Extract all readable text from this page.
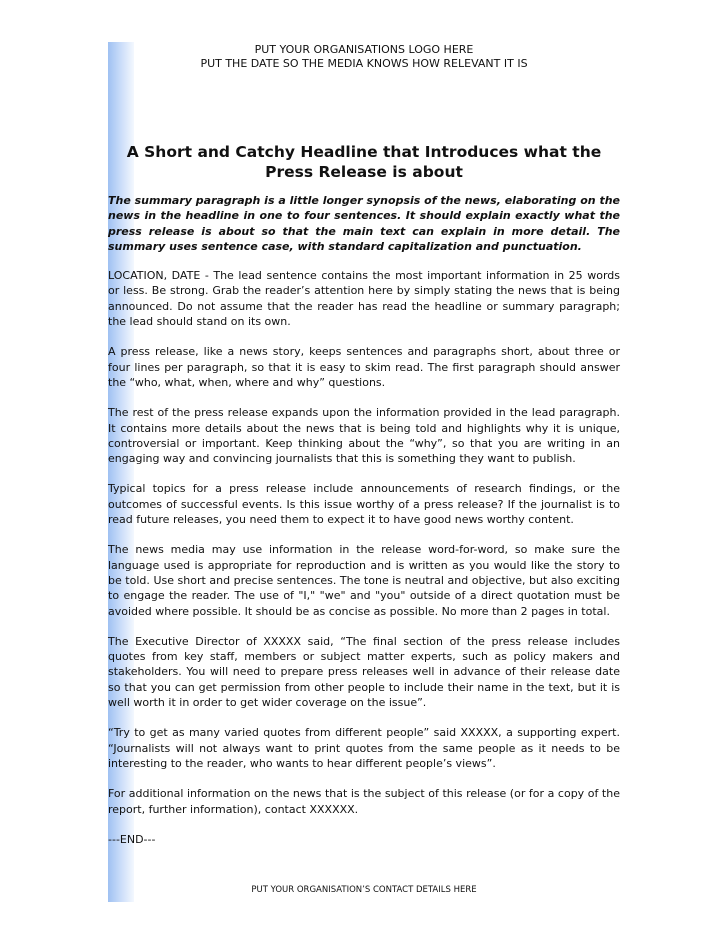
PUT YOUR ORGANISATIONS LOGO HERE
PUT THE DATE SO THE MEDIA KNOWS HOW RELEVANT IT IS
A Short and Catchy Headline that Introduces what the Press Release is about

The summary paragraph is a little longer synopsis of the news, elaborating on the news in the headline in one to four sentences. It should explain exactly what the press release is about so that the main text can explain in more detail. The summary uses sentence case, with standard capitalization and punctuation.

LOCATION, DATE - The lead sentence contains the most important information in 25 words or less. Be strong. Grab the reader’s attention here by simply stating the news that is being announced. Do not assume that the reader has read the headline or summary paragraph; the lead should stand on its own.

A press release, like a news story, keeps sentences and paragraphs short, about three or four lines per paragraph, so that it is easy to skim read. The first paragraph should answer the “who, what, when, where and why” questions.

The rest of the press release expands upon the information provided in the lead paragraph. It contains more details about the news that is being told and highlights why it is unique, controversial or important. Keep thinking about the “why”, so that you are writing in an engaging way and convincing journalists that this is something they want to publish.

Typical topics for a press release include announcements of research findings, or the outcomes of successful events. Is this issue worthy of a press release? If the journalist is to read future releases, you need them to expect it to have good news worthy content.

The news media may use information in the release word-for-word, so make sure the language used is appropriate for reproduction and is written as you would like the story to be told. Use short and precise sentences. The tone is neutral and objective, but also exciting to engage the reader. The use of "I," "we" and "you" outside of a direct quotation must be avoided where possible. It should be as concise as possible. No more than 2 pages in total.

The Executive Director of XXXXX said, “The final section of the press release includes quotes from key staff, members or subject matter experts, such as policy makers and stakeholders. You will need to prepare press releases well in advance of their release date so that you can get permission from other people to include their name in the text, but it is well worth it in order to get wider coverage on the issue”.

“Try to get as many varied quotes from different people” said XXXXX, a supporting expert. “Journalists will not always want to print quotes from the same people as it needs to be interesting to the reader, who wants to hear different people’s views”.

For additional information on the news that is the subject of this release (or for a copy of the report, further information), contact XXXXXX.

---END---

PUT YOUR ORGANISATION’S CONTACT DETAILS HERE
